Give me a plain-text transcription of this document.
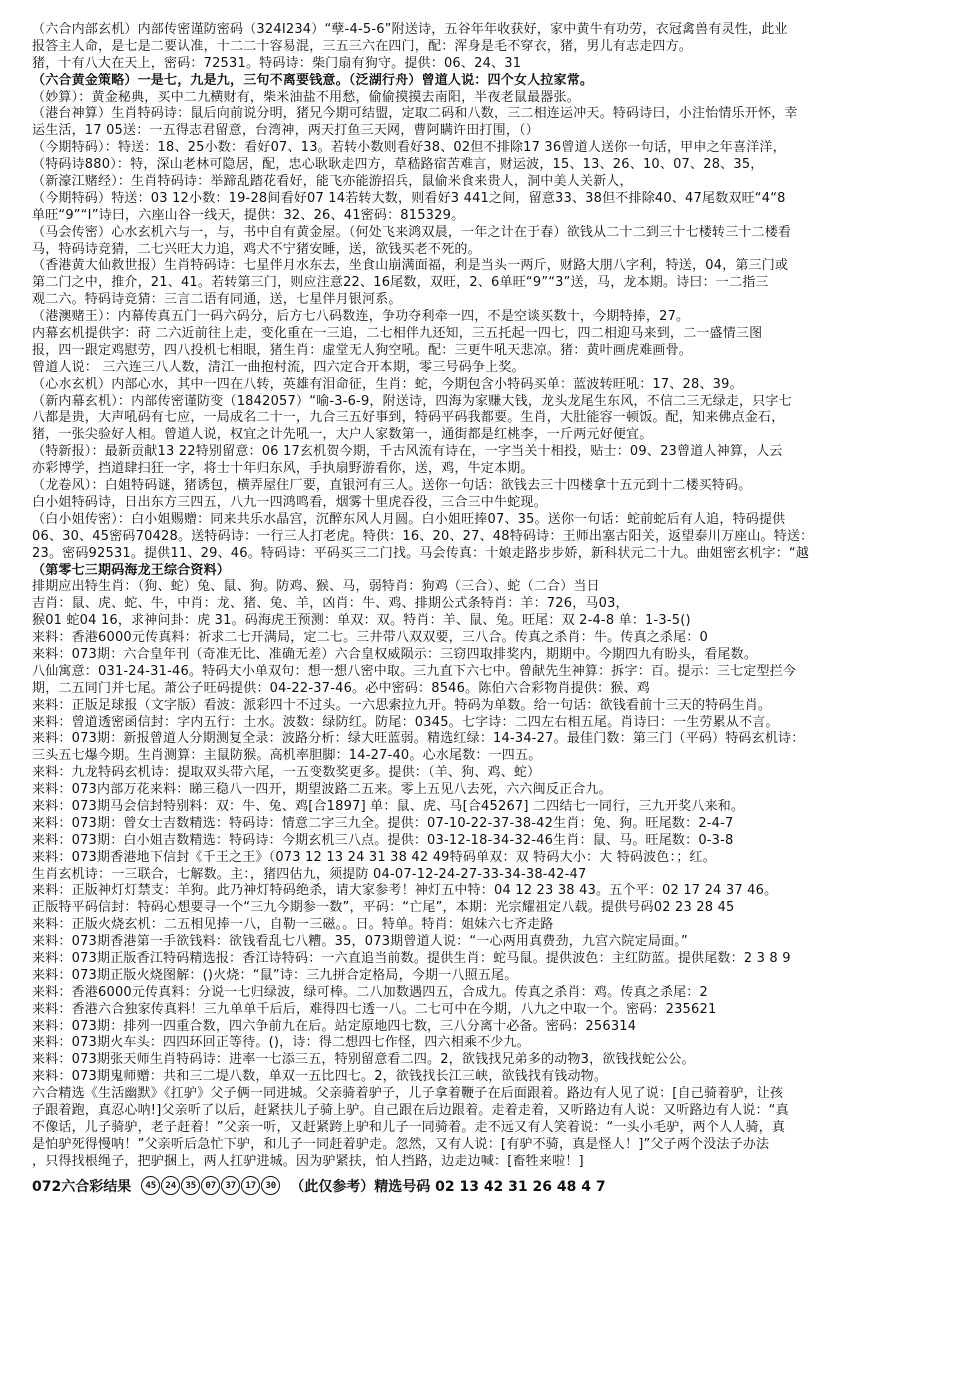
（六合内部玄机）内部传密谨防密码（324I234）“孽-4-5-6”附送诗，五谷年年收获好，家中黄牛有功劳，衣冠禽兽有灵性，此业
报答主人命，是七是二要认准，十二二十容易混，三五三六在四门，配：浑身是毛不穿衣，猪，男儿有志走四方。
猪，十有八大在天上，密码：72531。特码诗：柴门扇有狗守。提供：06、24、31
（六合黄金策略）一是七，九是九，三句不离要钱意。（泛湖行舟）曾道人说：四个女人拉家常。
（妙算）：黄金秘典，买中二九横财有，柴米油盐不用愁，偷偷摸摸去南阳，半夜老鼠最器张。
（港台神算）生肖特码诗：鼠后向前说分明，猪兄今期可结盟，定取二码和八数，三二相连运冲天。特码诗曰，小注怡情乐开怀，幸
运生活，17 05送：一五得志君留意，台湾神，两天打鱼三天网，曹阿瞒许田打围，（）
（今期特码）：特送：18、25小数：看好07、13。若转小数则看好38、02但不排除17 36曾道人送你一句话，甲申之年喜洋洋，
（特码诗880）：特，深山老林可隐居，配，忠心耿耿走四方，草嵇路宿苦难言，财运波，15、13、26、10、07、28、35，
（新濠江赌经）：生肖特码诗：举蹄乱踏花看好，能飞亦能游招兵，鼠偷米食来贵人，洞中美人关新人，
（今期特码）特送：03 12小数：19-28间看好07 14若转大数，则看好3 441之间，留意33、38但不排除40、47尾数双旺“4“8
单旺“9”“I”诗曰，六座山谷一线天，提供：32、26、41密码：815329。
（马会传密）心水玄机六与一，与，书中自有黄金屋。（何处飞来鸿双晨，一年之计在于春）欲钱从二十二到三十七楼转三十二楼看
马，特码诗竞猜，二七兴旺大力追，鸡犬不宁猪安睡，送，欲钱买老不死的。
（香港黄大仙救世报）生肖特码诗：七星伴月水东去，坐食山崩满面福，利是当头一两斤，财路大朋八字利，特送，04，第三门或
第二门之中，推介，21、41。若转第三门，则应注意22、16尾数，双旺，2、6单旺“9”“3”送，马，龙本期。诗曰：一二指三
观二六。特码诗竞猜：三言二语有同通，送，七星伴月银河系。
（港澳赌王）：内幕传真五门一码六码分，后方七八码数连，争功夺利牵一四，不是空谈买数十，今期特捧，27。
内幕玄机提供字：莳 二六近前往上走，变化重在一三追，二七相伴九还知，三五托起一四七，四二相迎马来到，二一盛情三图
报，四一跟定鸡慰劳，四八投机七相眼，猪生肖：虚堂无人狗空吼。配：三更牛吼天悲凉。猪：黄叶画虎难画骨。
曾道人说： 三六连三八人数，清江一曲抱村流，四六定合开本期，零三号码争上奖。
（心水玄机）内部心水，其中一四在八转，英雄有泪命征，生肖：蛇，今期包含小特码买单：蓝波转旺吼：17、28、39。
（新内幕玄机）：内部传密谨防变（1842057）“喻-3-6-9，附送诗，四海为家赚大钱，龙头龙尾生东风，不信二三无绿走，只字七
八都是贵，大声吼码有七应，一局成名二十一，九合三五好事到，特码平码我都要。生肖，大肚能容一顿饭。配，知来佛点金石，
猪，一张尖验好人相。曾道人说，权宜之计先吼一，大户人家数第一，通街都是红桃李，一斤两元好便宜。
（特新报）：最新贡献13 22特别留意：06 17玄机贺今期，千古风流有诗在，一字当关十相投，贴士：09、23曾道人神算，人云
亦彩博学，挡道肆扫狂一字，将士十年归东风，手执扇野游看你，送，鸡，牛定本期。
（龙卷风）：白姐特码谜，猪诱包，横弄屋住厂要，直银河有三人。送你一句话：欲钱去三十四楼拿十五元到十二楼买特码。
白小姐特码诗，日出东方三四五，八九一四鸿鸣看，烟雾十里虎吞役，三合三中牛蛇现。
（白小姐传密）：白小姐赐赠：同来共乐水晶宫，沉醉东风人月圆。白小姐旺捧07、35。送你一句话：蛇前蛇后有人追，特码提供
06、30、45密码70428。送特码诗：一行三人打老虎。特供：16、20、27、48特码诗：王师出塞古阳关，返望泰川万座山。特送：
23。密码92531。提供11、29、46。特码诗：平码买三二门找。马会传真：十娘走路步步娇，新科状元二十九。曲姐密玄机字：“越
（第零七三期码海龙王综合资料）
排期应出特生肖：（狗、蛇）兔、鼠、狗。防鸡、猴、马，弱特肖：狗鸡（三合）、蛇（二合）当日
吉肖：鼠、虎、蛇、牛，中肖：龙、猪、兔、羊，凶肖：牛、鸡、排期公式条特肖：羊：726，马03，
猴01 蛇04 16，求神问卦：虎 31。码海虎王预测：单双：双。特肖：羊、鼠、兔。旺尾：双 2-4-8 单：1-3-5()
来料：香港6000元传真料：祈求二七开满局，定二七。三井带八双双要，三八合。传真之杀肖：牛。传真之杀尾：0
来料：073期：六合皇年刊（奇准无比、准确无差）六合皇权威陨示：三窃四取排奖内，期期中。今期四九有盼头，看尾数。
八仙寓意：031-24-31-46。特码大小单双句：想一想八密中取。三九直下六七中。曾献先生神算：拆字：百。提示：三七定型拦今
期，二五同门并七尾。萧公子旺码提供：04-22-37-46。必中密码：8546。陈伯六合彩物肖提供：猴、鸡
来料：正版足球报（文字版）看波：派彩四十不过头。一六思索拉九开。特码为单数。给一句话：欲钱看前十三天的特码生肖。
来料：曾道透密函信封：字内五行：土水。波数：绿防红。防尾：0345。七字诗：二四左右相五尾。肖诗曰：一生劳累从不言。
来料：073期：新报曾道人分期测复全录：波路分析：绿大旺蓝弱。精选红绿：14-34-27。最佳门数：第三门（平码）特码玄机诗：
三头五七爆今期。生肖测算：主鼠防猴。高机率胆脚：14-27-40。心水尾数：一四五。
来料：九龙特码玄机诗：提取双头带六尾，一五变数奖更多。提供：（羊、狗、鸡、蛇）
来料：073内部万花来料：睇三稳八一四开，期望波路二五来。零上五见八去死，六六闽反正合九。
来料：073期马会信封特别料：双：牛、兔、鸡[合1897] 单：鼠、虎、马[合45267] 二四结七一同行，三九开奖八来和。
来料：073期：曾女士吉数精选：特码诗：情意二字三九全。提供：07-10-22-37-38-42生肖：兔、狗。旺尾数：2-4-7
来料：073期：白小姐吉数精选：特码诗：今期玄机三八点。提供：03-12-18-34-32-46生肖：鼠、马。旺尾数：0-3-8
来料：073期香港地下信封《千王之王》（073 12 13 24 31 38 42 49特码单双：双 特码大小：大 特码波色：；红。
生肖玄机诗：一三联合，七解数。主：，猪四估九，须提防 04-07-12-24-27-33-34-38-42-47
来料：正版神灯灯禁支：羊狗。此乃神灯特码绝杀，请大家参考！神灯五中特：04 12 23 38 43。五个平：02 17 24 37 46。
正版特平码信封：特码心想要寻一个“三九今期参一数”，平码：“亡尾”，本期：光宗耀祖定八载。提供号码02 23 28 45
来料：正版火烧玄机：二五相见捧一八，自勒一三磁。。日。特单。特肖：姐妹六七齐走路
来料：073期香港第一手欲钱料：欲钱看乱七八糟。35，073期曾道人说：“一心两用真费劲，九宫六院定局面。”
来料：073期正版香江特码精选报：香江诗特码：一六直追当前数。提供生肖：蛇马鼠。提供波色：主红防蓝。提供尾数：2 3 8 9
来料：073期正版火烧图解：()火烧：“鼠”诗：三九拼合定格局，今期一八照五尾。
来料：香港6000元传真料：分说一七归绿波，绿可棒。二八加数遇四五，合成九。传真之杀肖：鸡。传真之杀尾：2
来料：香港六合独家传真料！三九单单千后后，难得四七透一八。二七可中在今期，八九之中取一个。密码：235621
来料：073期：排列一四重合数，四六争前九在后。站定原地四七数，三八分离十必备。密码：256314
来料：073期火车头：四四环回正等待。()，诗：得二想四七作怪，四六相乘不少九。
来料：073期张天师生肖特码诗：进率一七添三五，特别留意看二四。2，欲钱找兄弟多的动物3，欲钱找蛇公公。
来料：073期鬼师赠：共和三二堤八数，单双一五比四七。2，欲钱找长江三峡，欲钱找有钱动物。
六合精选《生活幽默》《扛驴》父子俩一同进城。父亲骑着驴子，儿子拿着鞭子在后面跟着。路边有人见了说：[自己骑着驴，让孩
子跟着跑，真忍心呐!]父亲听了以后，赶紧扶儿子骑上驴。自己跟在后边跟着。走着走着，又听路边有人说：又听路边有人说：“真
不像话，儿子骑驴，老子赶着！”父亲一听，又赶紧跨上驴和儿子一同骑着。走不远又有人笑着说：“一头小毛驴，两个人人骑，真
是怕驴死得慢呐！”父亲听后急忙下驴，和儿子一同赶着驴走。忽然，又有人说：[有驴不骑，真是怪人！]”父子两个没法子办法
，只得找根绳子，把驴捆上，两人扛驴进城。因为驴紧扶，怕人挡路，边走边喊：[畜牲来啦！]
072六合彩结果	45	24	35	07	37	17	30 （此仅参考）精选号码 02 13 42 31 26 48 4 7
